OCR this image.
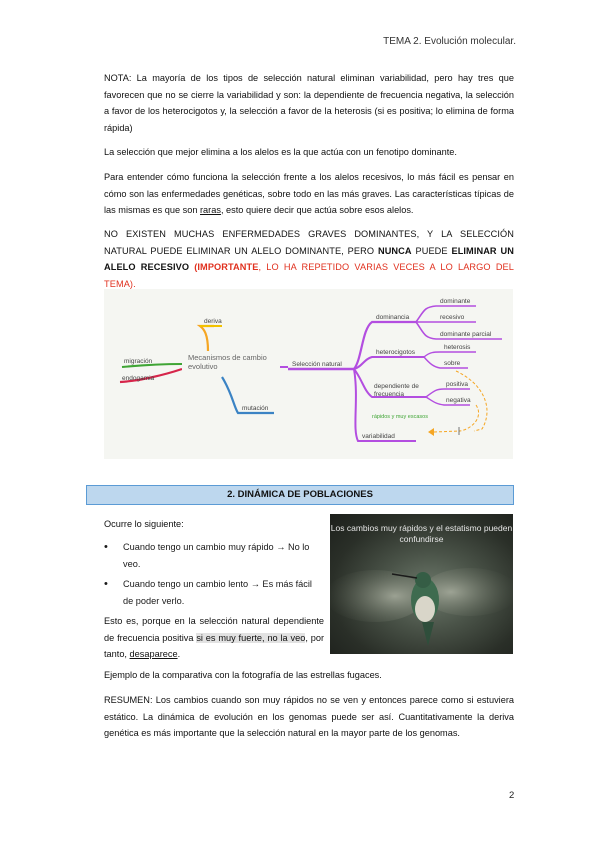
TEMA 2. Evolución molecular.
NOTA: La mayoría de los tipos de selección natural eliminan variabilidad, pero hay tres que favorecen que no se cierre la variabilidad y son: la dependiente de frecuencia negativa, la selección a favor de los heterocigotos y, la selección a favor de la heterosis (si es positiva; lo elimina de forma rápida)
La selección que mejor elimina a los alelos es la que actúa con un fenotipo dominante.
Para entender cómo funciona la selección frente a los alelos recesivos, lo más fácil es pensar en cómo son las enfermedades genéticas, sobre todo en las más graves. Las características típicas de las mismas es que son raras, esto quiere decir que actúa sobre esos alelos.
NO EXISTEN MUCHAS ENFERMEDADES GRAVES DOMINANTES, Y LA SELECCIÓN NATURAL PUEDE ELIMINAR UN ALELO DOMINANTE, PERO NUNCA PUEDE ELIMINAR UN ALELO RECESIVO (IMPORTANTE, LO HA REPETIDO VARIAS VECES A LO LARGO DEL TEMA).
Mecanismos de cambio evolutivo
deriva
migración
endogamia
mutación
Selección natural
dominancia
dominante
recesivo
dominante parcial
heterocigotos
heterosis
sobre
dependiente de frecuencia
positiva
negativa
rápidos y muy escasos
variabilidad
2. DINÁMICA DE POBLACIONES
Ocurre lo siguiente:
• Cuando tengo un cambio muy rápido → No lo veo.
• Cuando tengo un cambio lento → Es más fácil de poder verlo.
Esto es, porque en la selección natural dependiente de frecuencia positiva si es muy fuerte, no la veo, por tanto, desaparece.
Los cambios muy rápidos y el estatismo pueden confundirse
Ejemplo de la comparativa con la fotografía de las estrellas fugaces.
RESUMEN: Los cambios cuando son muy rápidos no se ven y entonces parece como si estuviera estático. La dinámica de evolución en los genomas puede ser así. Cuantitativamente la deriva genética es más importante que la selección natural en la mayor parte de los genomas.
2
